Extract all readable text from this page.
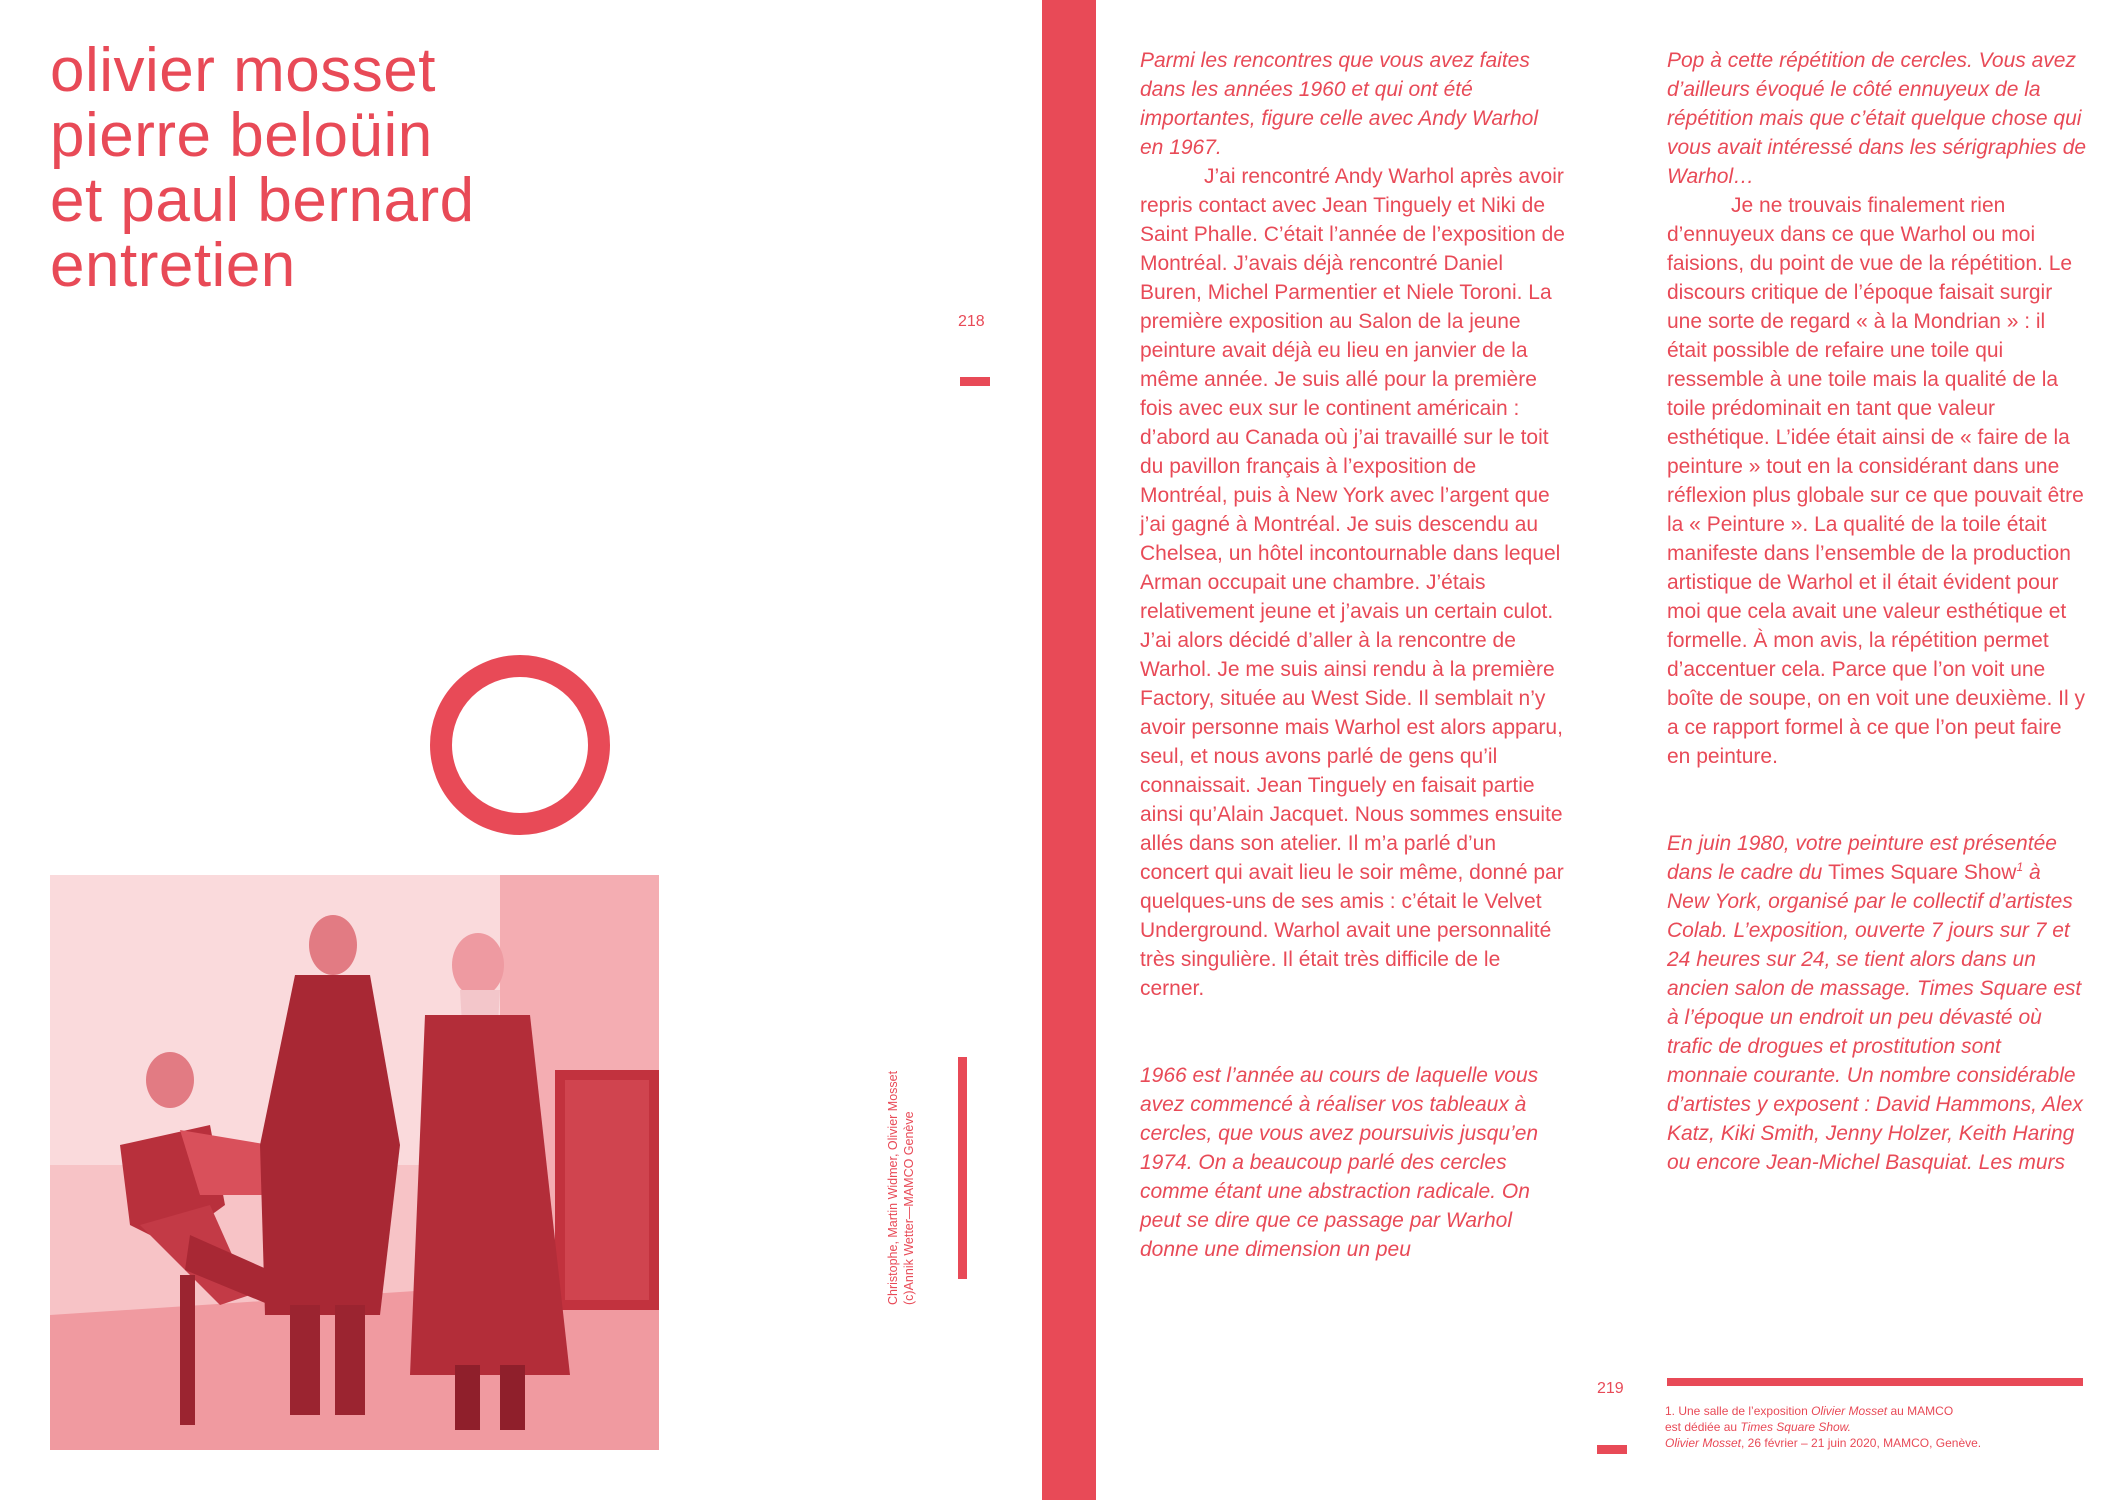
olivier mosset
pierre beloüin
et paul bernard
entretien
218
Christophe, Martin Widmer, Olivier Mosset (c)Annik Wetter—MAMCO Genève

Parmi les rencontres que vous avez faites dans les années 1960 et qui ont été importantes, figure celle avec Andy Warhol en 1967.

J’ai rencontré Andy Warhol après avoir repris contact avec Jean Tinguely et Niki de Saint Phalle. C’était l’année de l’exposition de Montréal. J’avais déjà rencontré Daniel Buren, Michel Parmentier et Niele Toroni. La première exposition au Salon de la jeune peinture avait déjà eu lieu en janvier de la même année. Je suis allé pour la première fois avec eux sur le continent américain : d’abord au Canada où j’ai travaillé sur le toit du pavillon français à l’exposition de Montréal, puis à New York avec l’argent que j’ai gagné à Montréal. Je suis descendu au Chelsea, un hôtel incontournable dans lequel Arman occupait une chambre. J’étais relativement jeune et j’avais un certain culot. J’ai alors décidé d’aller à la rencontre de Warhol. Je me suis ainsi rendu à la première Factory, située au West Side. Il semblait n’y avoir personne mais Warhol est alors apparu, seul, et nous avons parlé de gens qu’il connaissait. Jean Tinguely en faisait partie ainsi qu’Alain Jacquet. Nous sommes ensuite allés dans son atelier. Il m’a parlé d’un concert qui avait lieu le soir même, donné par quelques-uns de ses amis : c’était le Velvet Underground. Warhol avait une personnalité très singulière. Il était très difficile de le cerner.

1966 est l’année au cours de laquelle vous avez commencé à réaliser vos tableaux à cercles, que vous avez poursuivis jusqu’en 1974. On a beaucoup parlé des cercles comme étant une abstraction radicale. On peut se dire que ce passage par Warhol donne une dimension un peu

Pop à cette répétition de cercles. Vous avez d’ailleurs évoqué le côté ennuyeux de la répétition mais que c’était quelque chose qui vous avait intéressé dans les sérigraphies de Warhol…

Je ne trouvais finalement rien d’ennuyeux dans ce que Warhol ou moi faisions, du point de vue de la répétition. Le discours critique de l’époque faisait surgir une sorte de regard « à la Mondrian » : il était possible de refaire une toile qui ressemble à une toile mais la qualité de la toile prédominait en tant que valeur esthétique. L’idée était ainsi de « faire de la peinture » tout en la considérant dans une réflexion plus globale sur ce que pouvait être la « Peinture ». La qualité de la toile était manifeste dans l’ensemble de la production artistique de Warhol et il était évident pour moi que cela avait une valeur esthétique et formelle. À mon avis, la répétition permet d’accentuer cela. Parce que l’on voit une boîte de soupe, on en voit une deuxième. Il y a ce rapport formel à ce que l’on peut faire en peinture.

En juin 1980, votre peinture est présentée dans le cadre du Times Square Show$^1$ à New York, organisé par le collectif d’artistes Colab. L’exposition, ouverte 7 jours sur 7 et 24 heures sur 24, se tient alors dans un ancien salon de massage. Times Square est à l’époque un endroit un peu dévasté où trafic de drogues et prostitution sont monnaie courante. Un nombre considérable d’artistes y exposent : David Hammons, Alex Katz, Kiki Smith, Jenny Holzer, Keith Haring ou encore Jean-Michel Basquiat. Les murs

219

1. Une salle de l’exposition Olivier Mosset au MAMCO

est dédiée au Times Square Show.

Olivier Mosset, 26 février – 21 juin 2020, MAMCO, Genève.
